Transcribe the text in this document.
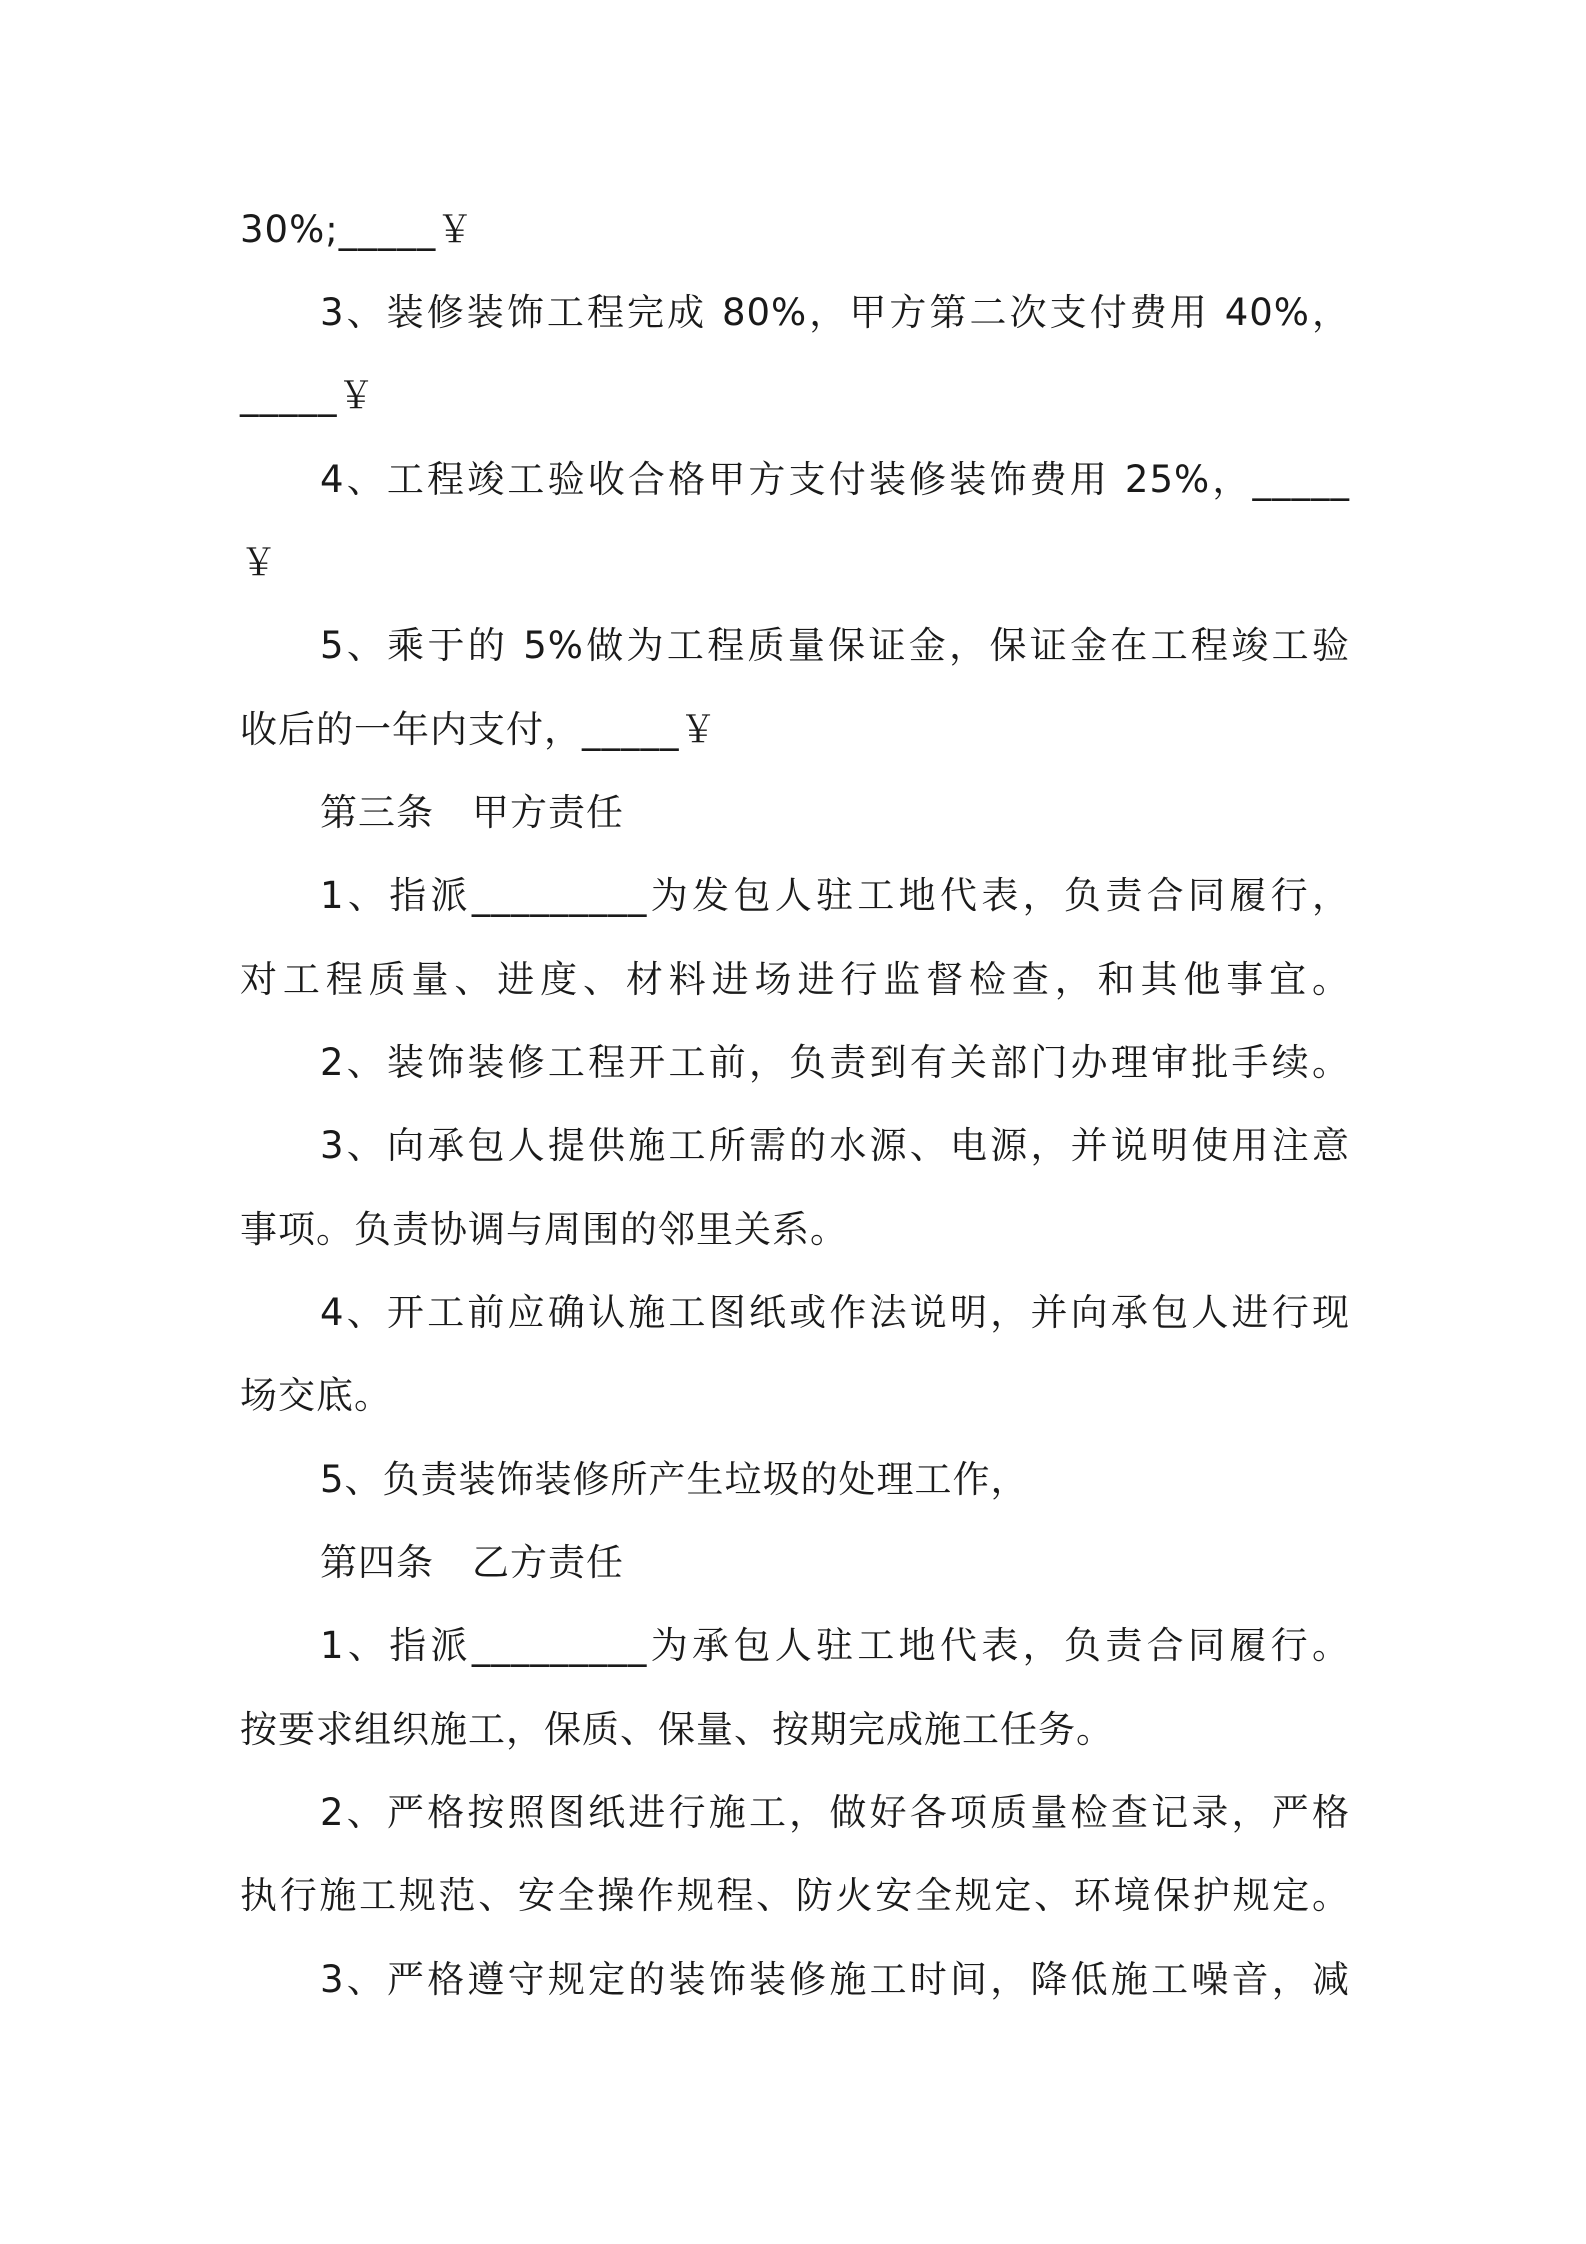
30%;_____￥
3、装修装饰工程完成 80%，甲方第二次支付费用 40%，
_____￥
4、工程竣工验收合格甲方支付装修装饰费用 25%，_____
￥
5、乘于的 5%做为工程质量保证金，保证金在工程竣工验
收后的一年内支付，_____￥
第三条　甲方责任
1、指派_________为发包人驻工地代表，负责合同履行，
对工程质量、进度、材料进场进行监督检查，和其他事宜。
2、装饰装修工程开工前，负责到有关部门办理审批手续。
3、向承包人提供施工所需的水源、电源，并说明使用注意
事项。负责协调与周围的邻里关系。
4、开工前应确认施工图纸或作法说明，并向承包人进行现
场交底。
5、负责装饰装修所产生垃圾的处理工作，
第四条　乙方责任
1、指派_________为承包人驻工地代表，负责合同履行。
按要求组织施工，保质、保量、按期完成施工任务。
2、严格按照图纸进行施工，做好各项质量检查记录，严格
执行施工规范、安全操作规程、防火安全规定、环境保护规定。
3、严格遵守规定的装饰装修施工时间，降低施工噪音，减
